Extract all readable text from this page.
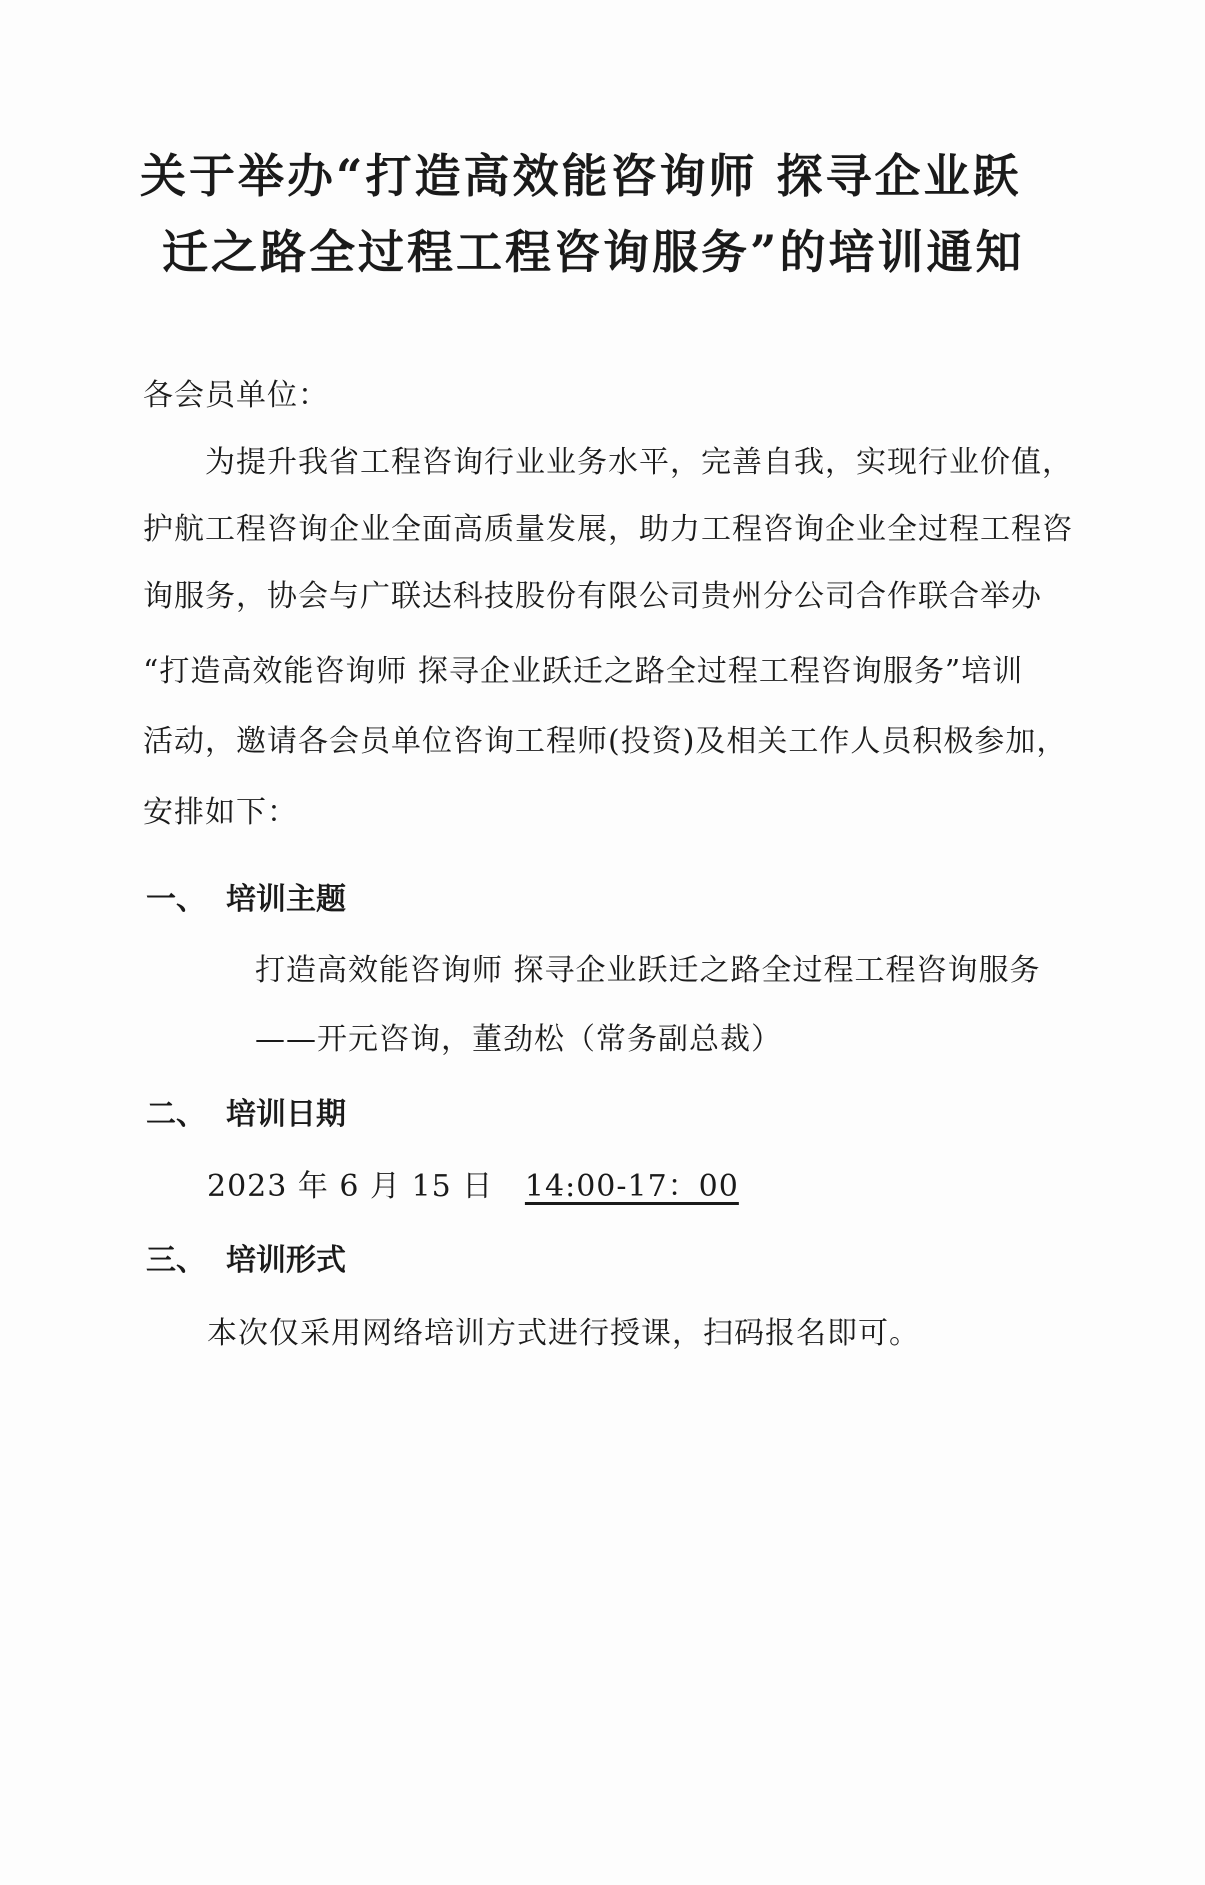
关于举办“打造高效能咨询师 探寻企业跃
迁之路全过程工程咨询服务”的培训通知
各会员单位：
为提升我省工程咨询行业业务水平，完善自我，实现行业价值，
护航工程咨询企业全面高质量发展，助力工程咨询企业全过程工程咨
询服务，协会与广联达科技股份有限公司贵州分公司合作联合举办
“打造高效能咨询师 探寻企业跃迁之路全过程工程咨询服务”培训
活动，邀请各会员单位咨询工程师(投资)及相关工作人员积极参加，
安排如下：
一、 培训主题
打造高效能咨询师 探寻企业跃迁之路全过程工程咨询服务
——开元咨询，董劲松（常务副总裁）
二、 培训日期
2023 年 6 月 15 日 14:00-17：00
三、 培训形式
本次仅采用网络培训方式进行授课，扫码报名即可。
